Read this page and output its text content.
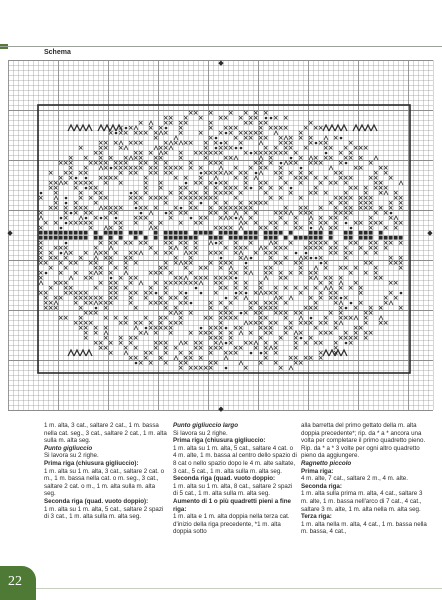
Schema
◆	◆
◆
◆

1 m. alta, 3 cat., saltare 2 cat., 1 m. bassa nella cat. seg., 3 cat., saltare 2 cat., 1 m. alta sulla m. alta seg.

Punto gigliuccio

Si lavora su 2 righe.

Prima riga (chiusura gigliuccio):

1 m. alta su 1 m. alta, 3 cat., saltare 2 cat. o m., 1 m. bassa nella cat. o m. seg., 3 cat., saltare 2 cat. o m., 1 m. alta sulla m. alta seg.

Seconda riga (quad. vuoto doppio):

1 m. alta su 1 m. alta, 5 cat., saltare 2 spazi di 3 cat., 1 m. alta sulla m. alta seg.

Punto gigliuccio largo

Si lavora su 2 righe.

Prima riga (chiusura gigliuccio:

1 m. alta su 1 m. alta, 5 cat., saltare 4 cat. o 4 m. alte, 1 m. bassa al centro dello spazio di 8 cat o nello spazio dopo le 4 m. alte saltate, 3 cat., 5 cat., 1 m. alta sulla m. alta seg.

Seconda riga (quad. vuoto doppio:

1 m. alta su 1 m. alta, 8 cat., saltare 2 spazi di 5 cat., 1 m. alta sulla m. alta seg.

Aumento di 1 o più quadretti pieni a fine riga:

1 m. alta e 1 m. alta doppia nella terza cat. d'inizio della riga precedente, *1 m. alta doppia sotto

alla barretta del primo gettato della m. alta doppia precedente*; rip. da * a * ancora una volta per completare il primo quadretto pieno.

Rip. da * a * 3 volte per ogni altro quadretto pieno da aggiungere.

Ragnetto piccolo

Prima riga:

4 m. alte, 7 cat., saltare 2 m., 4 m. alte.

Seconda riga:

1 m. alta sulla prima m. alta, 4 cat., saltare 3 m. alte, 1 m. bassa nell'arco di 7 cat., 4 cat., saltare 3 m. alte, 1 m. alta nella m. alta seg.

Terza riga:

1 m. alta nella m. alta, 4 cat., 1 m. bassa nella m. bassa, 4 cat.,

22
